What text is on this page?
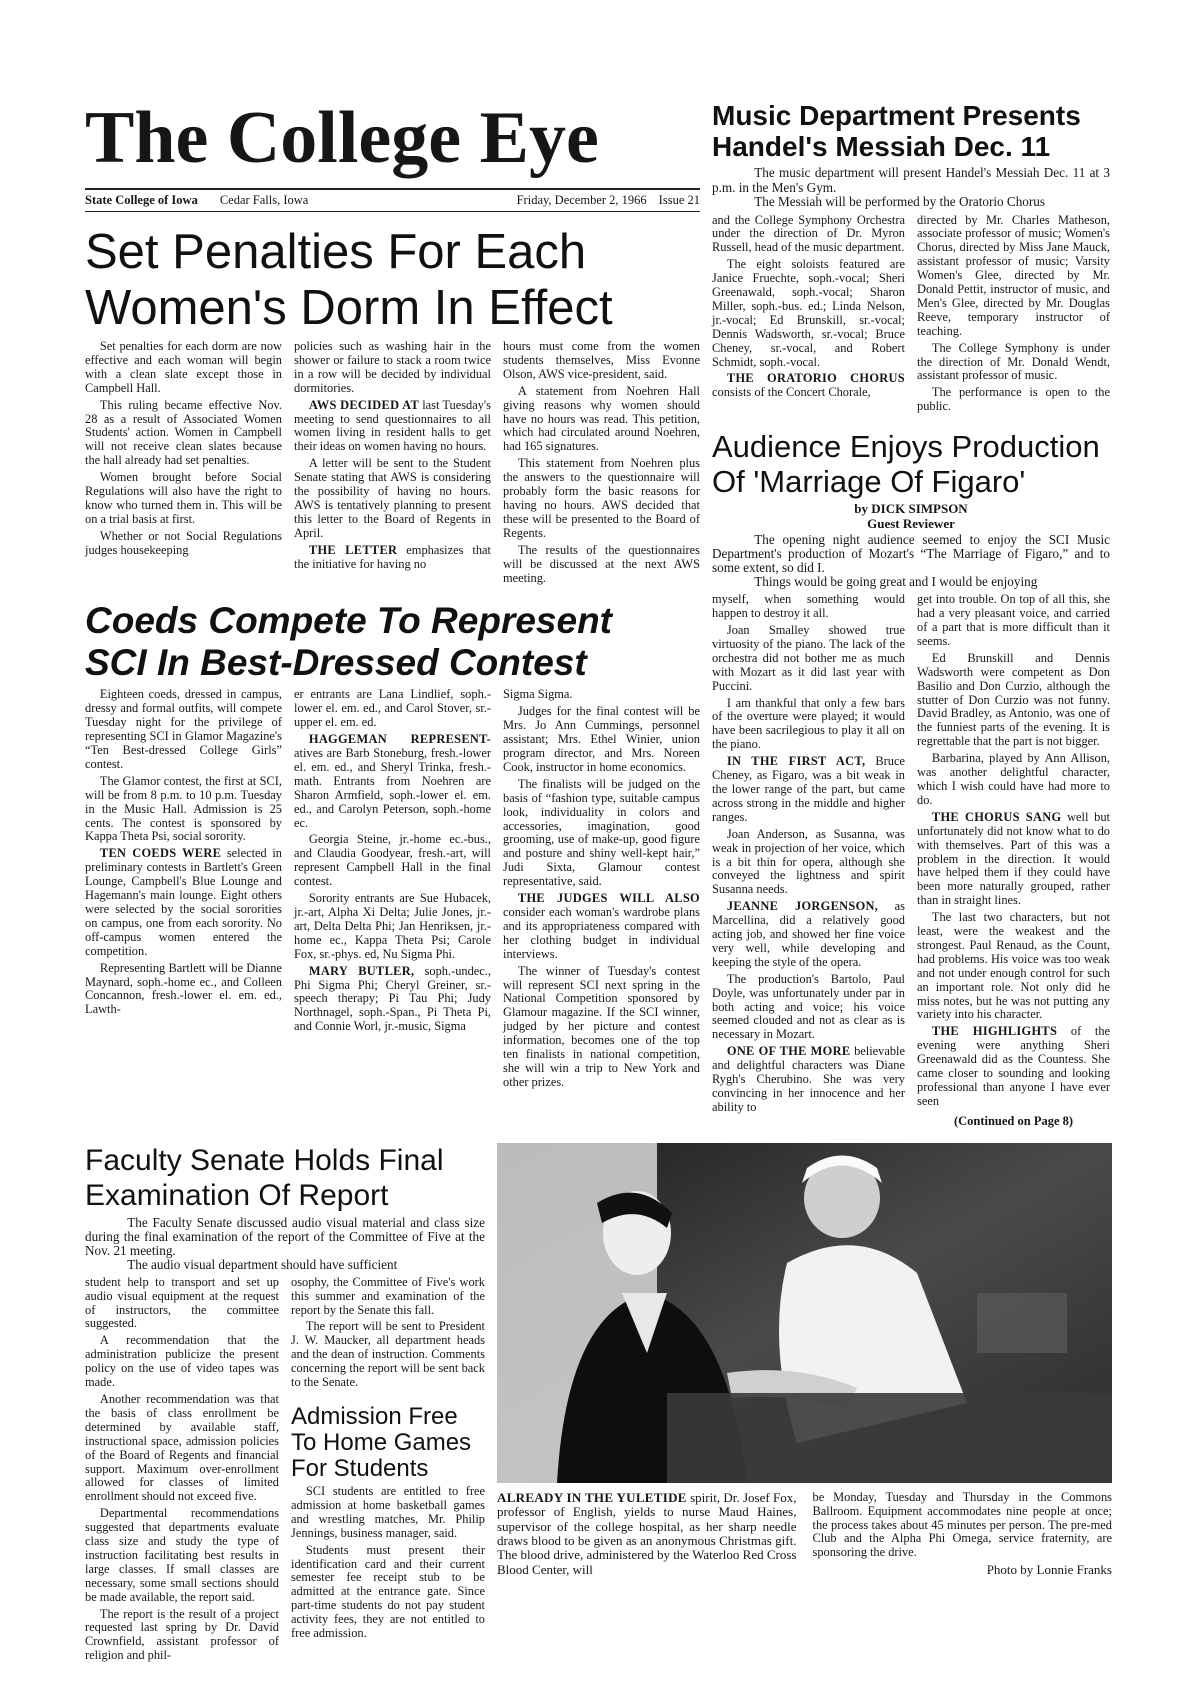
The College Eye
State College of Iowa Cedar Falls, Iowa	Friday, December 2, 1966 Issue 21
Set Penalties For Each
Women's Dorm In Effect

Set penalties for each dorm are now effective and each woman will begin with a clean slate except those in Campbell Hall.

This ruling became effective Nov. 28 as a result of Associated Women Students' action. Women in Campbell will not receive clean slates because the hall already had set penalties.

Women brought before Social Regulations will also have the right to know who turned them in. This will be on a trial basis at first.

Whether or not Social Regulations judges housekeeping

policies such as washing hair in the shower or failure to stack a room twice in a row will be decided by individual dormitories.

AWS DECIDED AT last Tuesday's meeting to send questionnaires to all women living in resident halls to get their ideas on women having no hours.

A letter will be sent to the Student Senate stating that AWS is considering the possibility of having no hours. AWS is tentatively planning to present this letter to the Board of Regents in April.

THE LETTER emphasizes that the initiative for having no

hours must come from the women students themselves, Miss Evonne Olson, AWS vice-president, said.

A statement from Noehren Hall giving reasons why women should have no hours was read. This petition, which had circulated around Noehren, had 165 signatures.

This statement from Noehren plus the answers to the questionnaire will probably form the basic reasons for having no hours. AWS decided that these will be presented to the Board of Regents.

The results of the questionnaires will be discussed at the next AWS meeting.

Coeds Compete To Represent
SCI In Best-Dressed Contest

Eighteen coeds, dressed in campus, dressy and formal outfits, will compete Tuesday night for the privilege of representing SCI in Glamor Magazine's “Ten Best-dressed College Girls” contest.

The Glamor contest, the first at SCI, will be from 8 p.m. to 10 p.m. Tuesday in the Music Hall. Admission is 25 cents. The contest is sponsored by Kappa Theta Psi, social sorority.

TEN COEDS WERE selected in preliminary contests in Bartlett's Green Lounge, Campbell's Blue Lounge and Hagemann's main lounge. Eight others were selected by the social sororities on campus, one from each sorority. No off-campus women entered the competition.

Representing Bartlett will be Dianne Maynard, soph.-home ec., and Colleen Concannon, fresh.-lower el. em. ed., Lawth-

er entrants are Lana Lindlief, soph.-lower el. em. ed., and Carol Stover, sr.-upper el. em. ed.

HAGGEMAN REPRESENT-atives are Barb Stoneburg, fresh.-lower el. em. ed., and Sheryl Trinka, fresh.-math. Entrants from Noehren are Sharon Armfield, soph.-lower el. em. ed., and Carolyn Peterson, soph.-home ec.

Georgia Steine, jr.-home ec.-bus., and Claudia Goodyear, fresh.-art, will represent Campbell Hall in the final contest.

Sorority entrants are Sue Hubacek, jr.-art, Alpha Xi Delta; Julie Jones, jr.-art, Delta Delta Phi; Jan Henriksen, jr.-home ec., Kappa Theta Psi; Carole Fox, sr.-phys. ed, Nu Sigma Phi.

MARY BUTLER, soph.-undec., Phi Sigma Phi; Cheryl Greiner, sr.-speech therapy; Pi Tau Phi; Judy Northnagel, soph.-Span., Pi Theta Pi, and Connie Worl, jr.-music, Sigma

Sigma Sigma.

Judges for the final contest will be Mrs. Jo Ann Cummings, personnel assistant; Mrs. Ethel Winier, union program director, and Mrs. Noreen Cook, instructor in home economics.

The finalists will be judged on the basis of “fashion type, suitable campus look, individuality in colors and accessories, imagination, good grooming, use of make-up, good figure and posture and shiny well-kept hair,” Judi Sixta, Glamour contest representative, said.

THE JUDGES WILL ALSO consider each woman's wardrobe plans and its appropriateness compared with her clothing budget in individual interviews.

The winner of Tuesday's contest will represent SCI next spring in the National Competition sponsored by Glamour magazine. If the SCI winner, judged by her picture and contest information, becomes one of the top ten finalists in national competition, she will win a trip to New York and other prizes.

Music Department Presents
Handel's Messiah Dec. 11

The music department will present Handel's Messiah Dec. 11 at 3 p.m. in the Men's Gym.

The Messiah will be performed by the Oratorio Chorus

and the College Symphony Orchestra under the direction of Dr. Myron Russell, head of the music department.

The eight soloists featured are Janice Fruechte, soph.-vocal; Sheri Greenawald, soph.-vocal; Sharon Miller, soph.-bus. ed.; Linda Nelson, jr.-vocal; Ed Brunskill, sr.-vocal; Dennis Wadsworth, sr.-vocal; Bruce Cheney, sr.-vocal, and Robert Schmidt, soph.-vocal.

THE ORATORIO CHORUS consists of the Concert Chorale,

directed by Mr. Charles Matheson, associate professor of music; Women's Chorus, directed by Miss Jane Mauck, assistant professor of music; Varsity Women's Glee, directed by Mr. Donald Pettit, instructor of music, and Men's Glee, directed by Mr. Douglas Reeve, temporary instructor of teaching.

The College Symphony is under the direction of Mr. Donald Wendt, assistant professor of music.

The performance is open to the public.

Audience Enjoys Production
Of 'Marriage Of Figaro'
by DICK SIMPSON
Guest Reviewer

The opening night audience seemed to enjoy the SCI Music Department's production of Mozart's “The Marriage of Figaro,” and to some extent, so did I.

Things would be going great and I would be enjoying

myself, when something would happen to destroy it all.

Joan Smalley showed true virtuosity of the piano. The lack of the orchestra did not bother me as much with Mozart as it did last year with Puccini.

I am thankful that only a few bars of the overture were played; it would have been sacrilegious to play it all on the piano.

IN THE FIRST ACT, Bruce Cheney, as Figaro, was a bit weak in the lower range of the part, but came across strong in the middle and higher ranges.

Joan Anderson, as Susanna, was weak in projection of her voice, which is a bit thin for opera, although she conveyed the lightness and spirit Susanna needs.

JEANNE JORGENSON, as Marcellina, did a relatively good acting job, and showed her fine voice very well, while developing and keeping the style of the opera.

The production's Bartolo, Paul Doyle, was unfortunately under par in both acting and voice; his voice seemed clouded and not as clear as is necessary in Mozart.

ONE OF THE MORE believable and delightful characters was Diane Rygh's Cherubino. She was very convincing in her innocence and her ability to

get into trouble. On top of all this, she had a very pleasant voice, and carried of a part that is more difficult than it seems.

Ed Brunskill and Dennis Wadsworth were competent as Don Basilio and Don Curzio, although the stutter of Don Curzio was not funny. David Bradley, as Antonio, was one of the funniest parts of the evening. It is regrettable that the part is not bigger.

Barbarina, played by Ann Allison, was another delightful character, which I wish could have had more to do.

THE CHORUS SANG well but unfortunately did not know what to do with themselves. Part of this was a problem in the direction. It would have helped them if they could have been more naturally grouped, rather than in straight lines.

The last two characters, but not least, were the weakest and the strongest. Paul Renaud, as the Count, had problems. His voice was too weak and not under enough control for such an important role. Not only did he miss notes, but he was not putting any variety into his character.

THE HIGHLIGHTS of the evening were anything Sheri Greenawald did as the Countess. She came closer to sounding and looking professional than anyone I have ever seen

(Continued on Page 8)
Faculty Senate Holds Final
Examination Of Report

The Faculty Senate discussed audio visual material and class size during the final examination of the report of the Committee of Five at the Nov. 21 meeting.

The audio visual department should have sufficient

student help to transport and set up audio visual equipment at the request of instructors, the committee suggested.

A recommendation that the administration publicize the present policy on the use of video tapes was made.

Another recommendation was that the basis of class enrollment be determined by available staff, instructional space, admission policies of the Board of Regents and financial support. Maximum over-enrollment allowed for classes of limited enrollment should not exceed five.

Departmental recommendations suggested that departments evaluate class size and study the type of instruction facilitating best results in large classes. If small classes are necessary, some small sections should be made available, the report said.

The report is the result of a project requested last spring by Dr. David Crownfield, assistant professor of religion and phil-

osophy, the Committee of Five's work this summer and examination of the report by the Senate this fall.

The report will be sent to President J. W. Maucker, all department heads and the dean of instruction. Comments concerning the report will be sent back to the Senate.

Admission Free
To Home Games
For Students

SCI students are entitled to free admission at home basketball games and wrestling matches, Mr. Philip Jennings, business manager, said.

Students must present their identification card and their current semester fee receipt stub to be admitted at the entrance gate. Since part-time students do not pay student activity fees, they are not entitled to free admission.

ALREADY IN THE YULETIDE spirit, Dr. Josef Fox, professor of English, yields to nurse Maud Haines, supervisor of the college hospital, as her sharp needle draws blood to be given as an anonymous Christmas gift. The blood drive, administered by the Waterloo Red Cross Blood Center, will

be Monday, Tuesday and Thursday in the Commons Ballroom. Equipment accommodates nine people at once; the process takes about 45 minutes per person. The pre-med Club and the Alpha Phi Omega, service fraternity, are sponsoring the drive.

Photo by Lonnie Franks
